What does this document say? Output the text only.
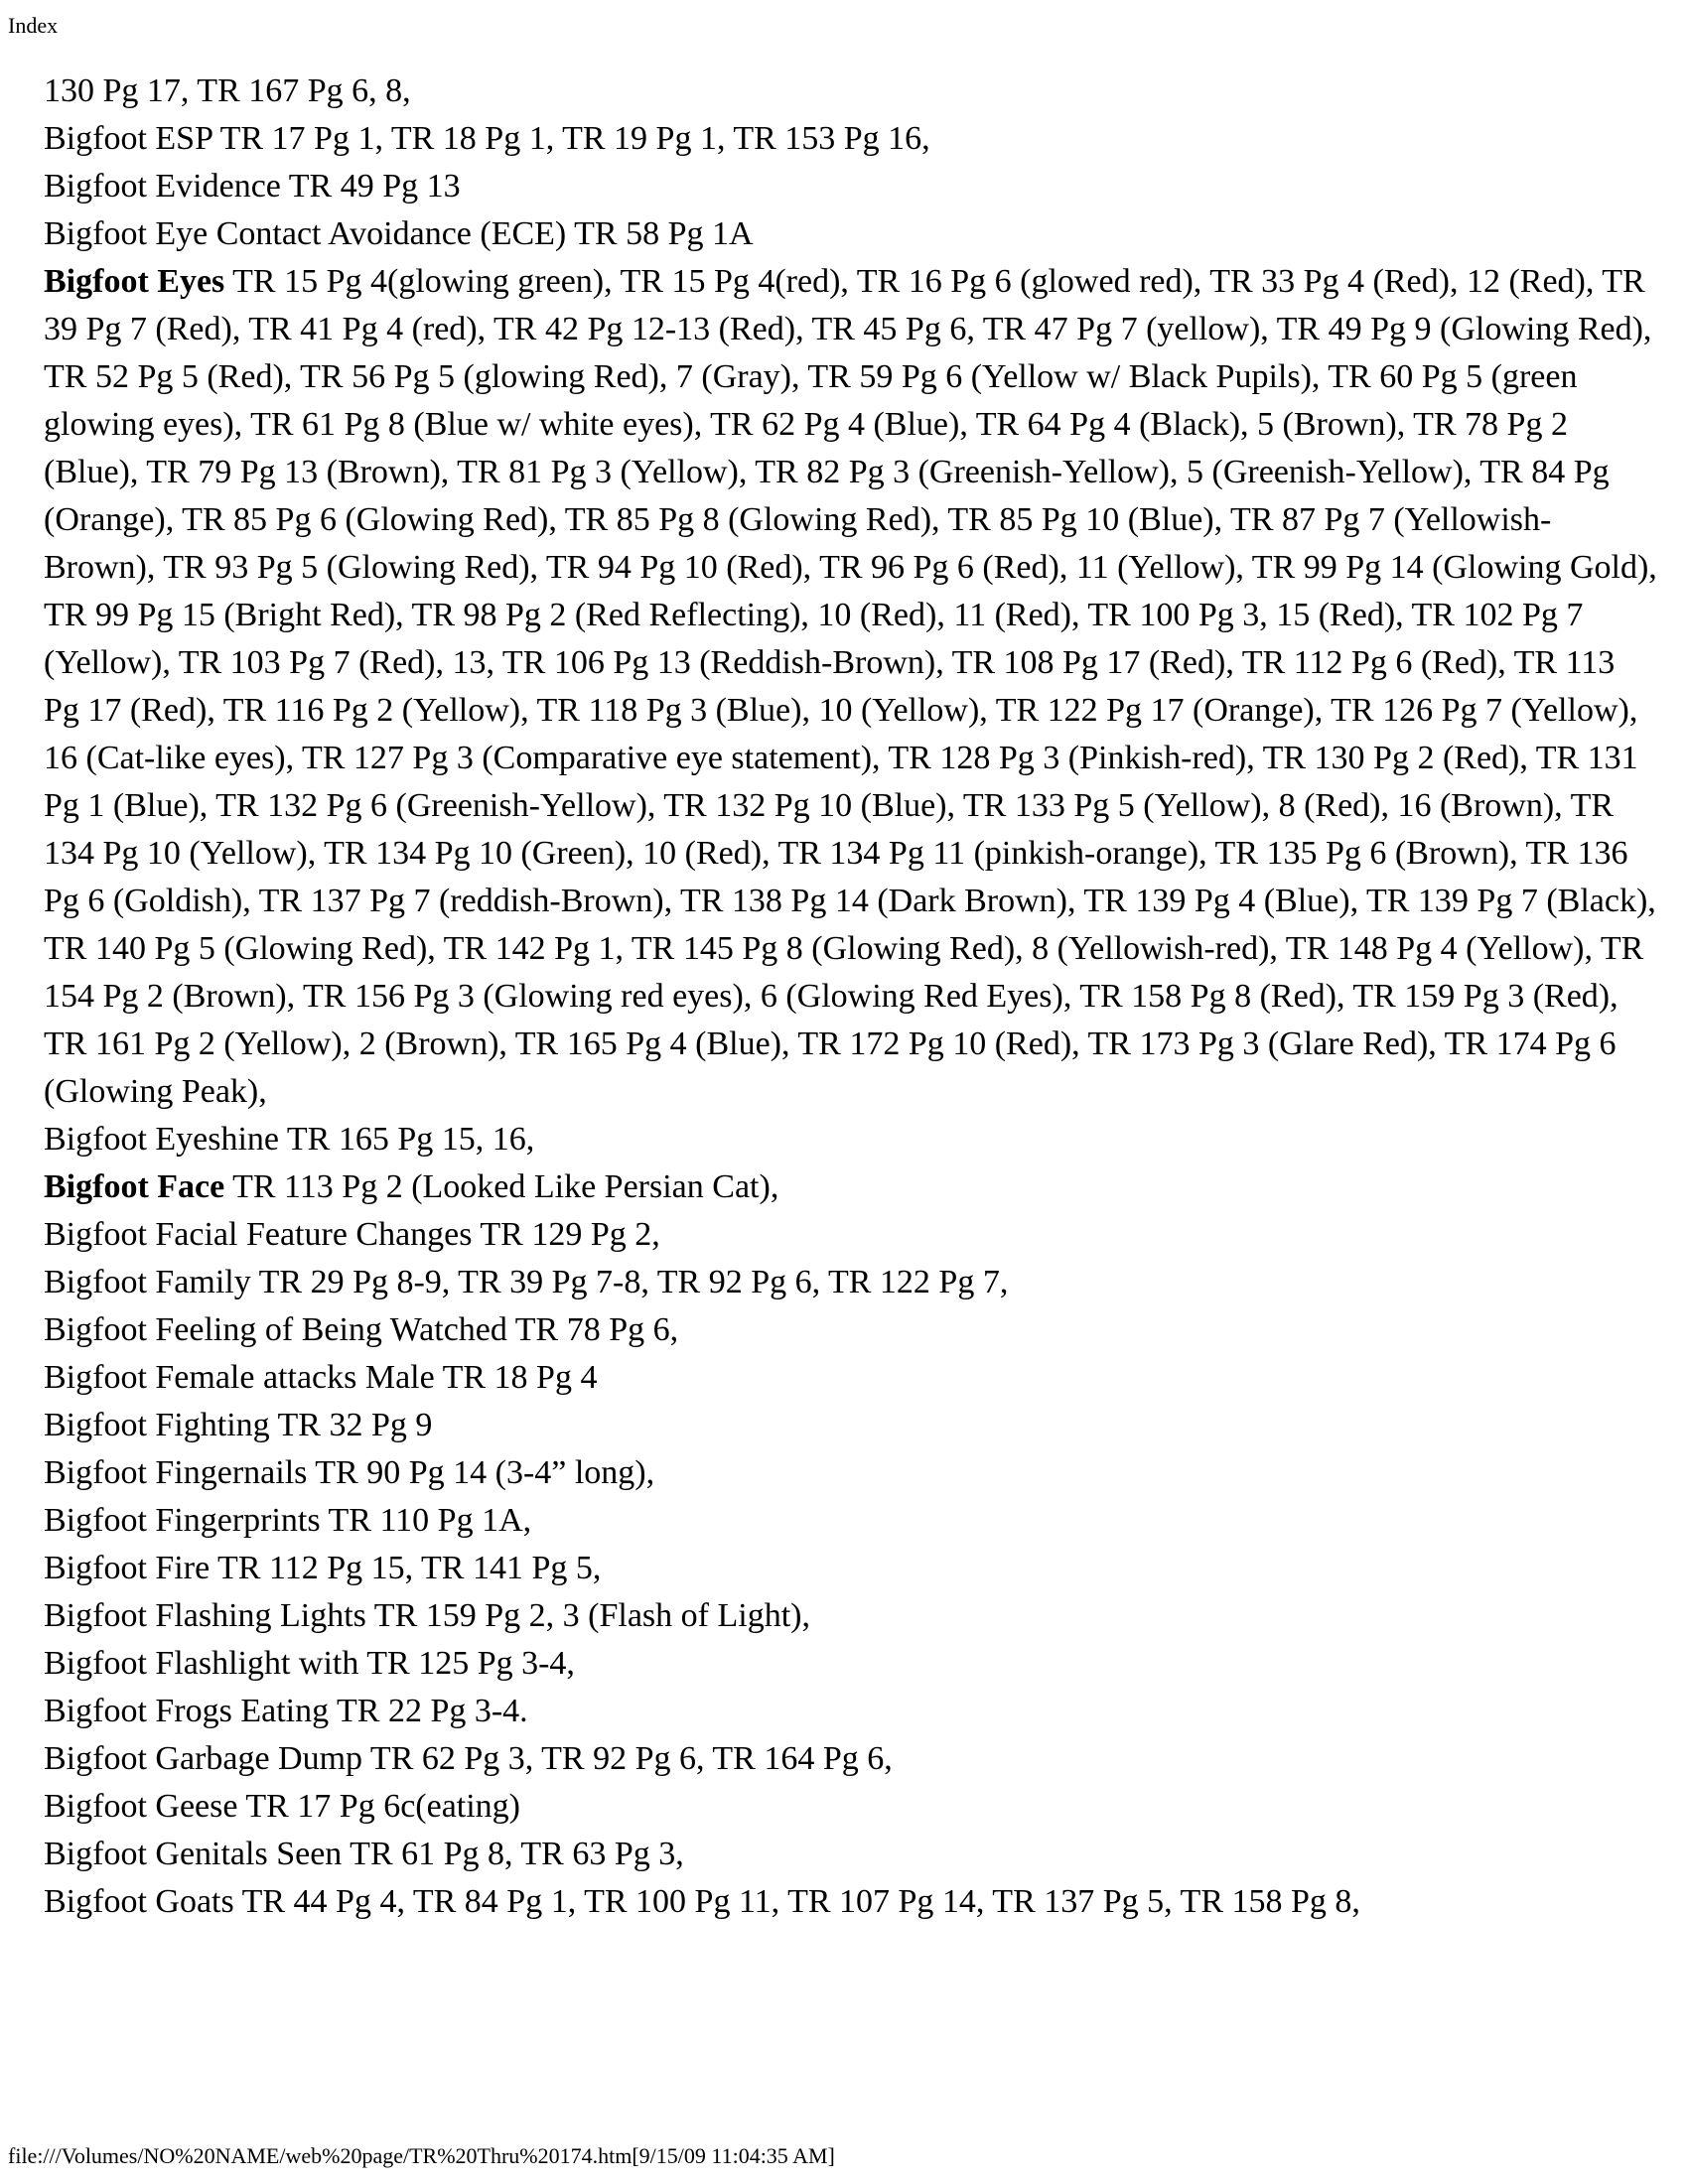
Index

130 Pg 17, TR 167 Pg 6, 8,

Bigfoot ESP TR 17 Pg 1, TR 18 Pg 1, TR 19 Pg 1, TR 153 Pg 16,

Bigfoot Evidence TR 49 Pg 13

Bigfoot Eye Contact Avoidance (ECE) TR 58 Pg 1A

Bigfoot Eyes TR 15 Pg 4(glowing green), TR 15 Pg 4(red), TR 16 Pg 6 (glowed red), TR 33 Pg 4 (Red), 12 (Red), TR 39 Pg 7 (Red), TR 41 Pg 4 (red), TR 42 Pg 12-13 (Red), TR 45 Pg 6, TR 47 Pg 7 (yellow), TR 49 Pg 9 (Glowing Red), TR 52 Pg 5 (Red), TR 56 Pg 5 (glowing Red), 7 (Gray), TR 59 Pg 6 (Yellow w/ Black Pupils), TR 60 Pg 5 (green glowing eyes), TR 61 Pg 8 (Blue w/ white eyes), TR 62 Pg 4 (Blue), TR 64 Pg 4 (Black), 5 (Brown), TR 78 Pg 2 (Blue), TR 79 Pg 13 (Brown), TR 81 Pg 3 (Yellow), TR 82 Pg 3 (Greenish-Yellow), 5 (Greenish-Yellow), TR 84 Pg (Orange), TR 85 Pg 6 (Glowing Red), TR 85 Pg 8 (Glowing Red), TR 85 Pg 10 (Blue), TR 87 Pg 7 (Yellowish-Brown), TR 93 Pg 5 (Glowing Red), TR 94 Pg 10 (Red), TR 96 Pg 6 (Red), 11 (Yellow), TR 99 Pg 14 (Glowing Gold), TR 99 Pg 15 (Bright Red), TR 98 Pg 2 (Red Reflecting), 10 (Red), 11 (Red), TR 100 Pg 3, 15 (Red), TR 102 Pg 7 (Yellow), TR 103 Pg 7 (Red), 13, TR 106 Pg 13 (Reddish-Brown), TR 108 Pg 17 (Red), TR 112 Pg 6 (Red), TR 113 Pg 17 (Red), TR 116 Pg 2 (Yellow), TR 118 Pg 3 (Blue), 10 (Yellow), TR 122 Pg 17 (Orange), TR 126 Pg 7 (Yellow), 16 (Cat-like eyes), TR 127 Pg 3 (Comparative eye statement), TR 128 Pg 3 (Pinkish-red), TR 130 Pg 2 (Red), TR 131 Pg 1 (Blue), TR 132 Pg 6 (Greenish-Yellow), TR 132 Pg 10 (Blue), TR 133 Pg 5 (Yellow), 8 (Red), 16 (Brown), TR 134 Pg 10 (Yellow), TR 134 Pg 10 (Green), 10 (Red), TR 134 Pg 11 (pinkish-orange), TR 135 Pg 6 (Brown), TR 136 Pg 6 (Goldish), TR 137 Pg 7 (reddish-Brown), TR 138 Pg 14 (Dark Brown), TR 139 Pg 4 (Blue), TR 139 Pg 7 (Black), TR 140 Pg 5 (Glowing Red), TR 142 Pg 1, TR 145 Pg 8 (Glowing Red), 8 (Yellowish-red), TR 148 Pg 4 (Yellow), TR 154 Pg 2 (Brown), TR 156 Pg 3 (Glowing red eyes), 6 (Glowing Red Eyes), TR 158 Pg 8 (Red), TR 159 Pg 3 (Red), TR 161 Pg 2 (Yellow), 2 (Brown), TR 165 Pg 4 (Blue), TR 172 Pg 10 (Red), TR 173 Pg 3 (Glare Red), TR 174 Pg 6 (Glowing Peak),

Bigfoot Eyeshine TR 165 Pg 15, 16,

Bigfoot Face TR 113 Pg 2 (Looked Like Persian Cat),

Bigfoot Facial Feature Changes TR 129 Pg 2,

Bigfoot Family TR 29 Pg 8-9, TR 39 Pg 7-8, TR 92 Pg 6, TR 122 Pg 7,

Bigfoot Feeling of Being Watched TR 78 Pg 6,

Bigfoot Female attacks Male TR 18 Pg 4

Bigfoot Fighting TR 32 Pg 9

Bigfoot Fingernails TR 90 Pg 14 (3-4” long),

Bigfoot Fingerprints TR 110 Pg 1A,

Bigfoot Fire TR 112 Pg 15, TR 141 Pg 5,

Bigfoot Flashing Lights TR 159 Pg 2, 3 (Flash of Light),

Bigfoot Flashlight with TR 125 Pg 3-4,

Bigfoot Frogs Eating TR 22 Pg 3-4.

Bigfoot Garbage Dump TR 62 Pg 3, TR 92 Pg 6, TR 164 Pg 6,

Bigfoot Geese TR 17 Pg 6c(eating)

Bigfoot Genitals Seen TR 61 Pg 8, TR 63 Pg 3,

Bigfoot Goats TR 44 Pg 4, TR 84 Pg 1, TR 100 Pg 11, TR 107 Pg 14, TR 137 Pg 5, TR 158 Pg 8,

file:///Volumes/NO%20NAME/web%20page/TR%20Thru%20174.htm[9/15/09 11:04:35 AM]
